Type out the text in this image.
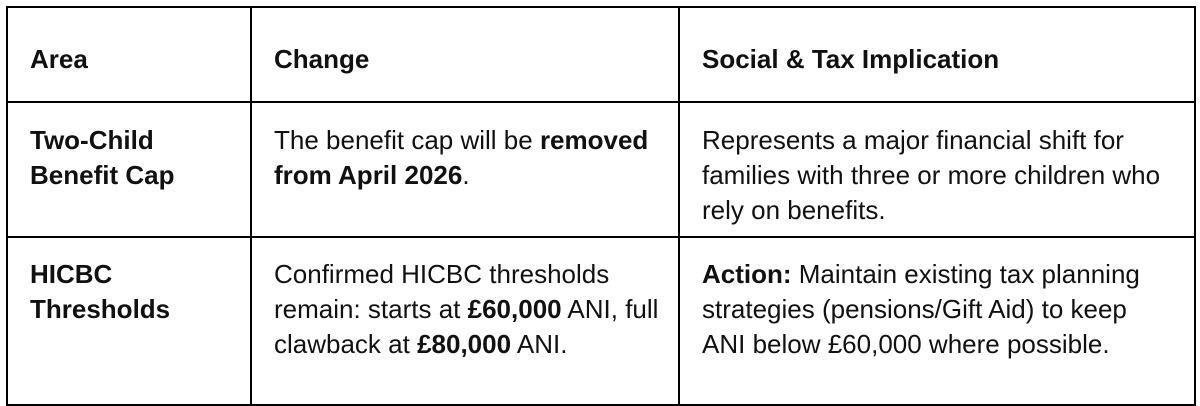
Area	Change	Social & Tax Implication

Two-Child Benefit Cap	The benefit cap will be removed from April 2026.	Represents a major financial shift for families with three or more children who rely on benefits.

HICBC Thresholds	Confirmed HICBC thresholds remain: starts at £60,000 ANI, full clawback at £80,000 ANI.	Action: Maintain existing tax planning strategies (pensions/Gift Aid) to keep ANI below £60,000 where possible.
